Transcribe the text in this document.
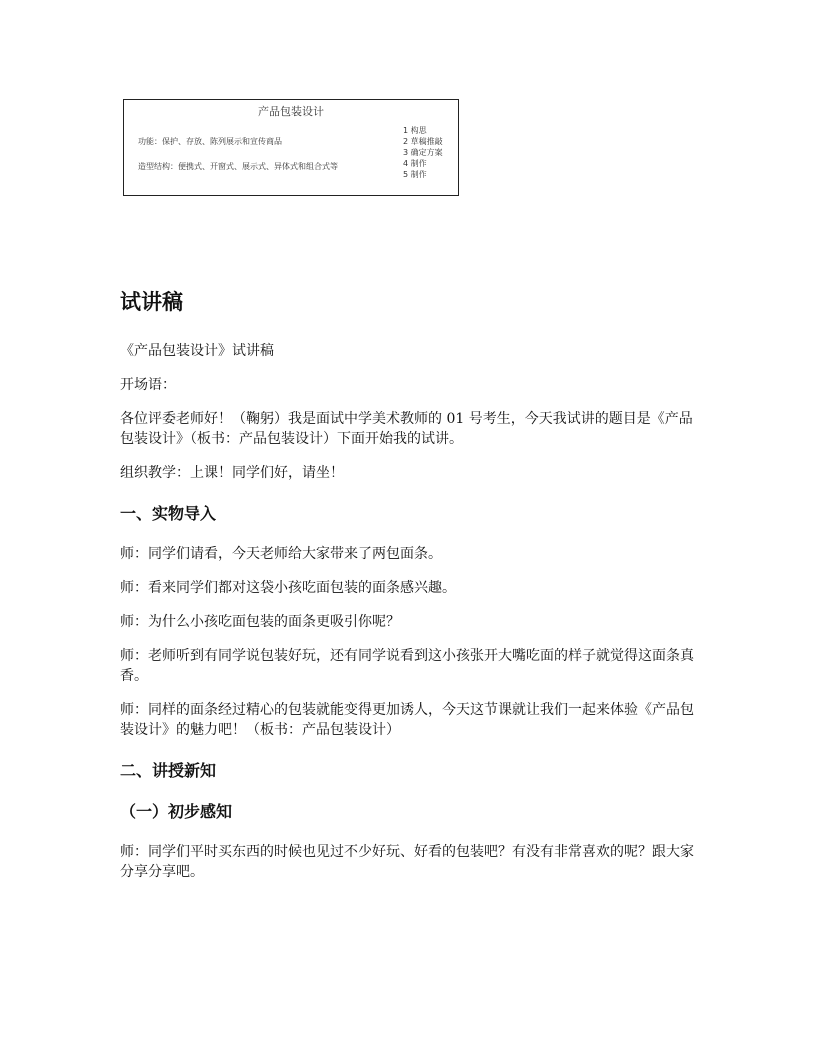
产品包装设计
功能：保护、存放、陈列展示和宣传商品
造型结构：便携式、开窗式、展示式、异体式和组合式等
1 构思
2 草稿推敲
3 确定方案
4 制作
5 制作
试讲稿

《产品包装设计》试讲稿

开场语：

各位评委老师好！（鞠躬）我是面试中学美术教师的 01 号考生，今天我试讲的题目是《产品包装设计》（板书：产品包装设计）下面开始我的试讲。

组织教学：上课！同学们好，请坐！

一、实物导入

师：同学们请看，今天老师给大家带来了两包面条。

师：看来同学们都对这袋小孩吃面包装的面条感兴趣。

师：为什么小孩吃面包装的面条更吸引你呢？

师：老师听到有同学说包装好玩，还有同学说看到这小孩张开大嘴吃面的样子就觉得这面条真香。

师：同样的面条经过精心的包装就能变得更加诱人，今天这节课就让我们一起来体验《产品包装设计》的魅力吧！（板书：产品包装设计）

二、讲授新知
（一）初步感知

师：同学们平时买东西的时候也见过不少好玩、好看的包装吧？有没有非常喜欢的呢？跟大家分享分享吧。
